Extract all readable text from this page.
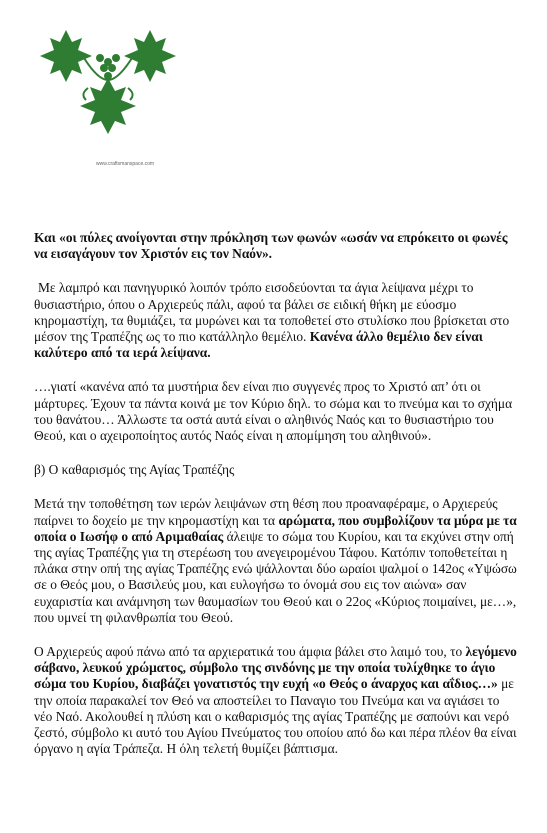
www.craftsmanspace.com

Και «οι πύλες ανοίγονται στην πρόκληση των φωνών «ωσάν να επρόκειτο οι φωνές να εισαγάγουν τον Χριστόν εις τον Ναόν».

Με λαμπρό και πανηγυρικό λοιπόν τρόπο εισοδεύονται τα άγια λείψανα μέχρι το θυσιαστήριο, όπου ο Αρχιερεύς πάλι, αφού τα βάλει σε ειδική θήκη με εύοσμο κηρομαστίχη, τα θυμιάζει, τα μυρώνει και τα τοποθετεί στο στυλίσκο που βρίσκεται στο μέσον της Τραπέζης ως το πιο κατάλληλο θεμέλιο. Κανένα άλλο θεμέλιο δεν είναι καλύτερο από τα ιερά λείψανα.

….γιατί «κανένα από τα μυστήρια δεν είναι πιο συγγενές προς το Χριστό απ’ ότι οι μάρτυρες. Έχουν τα πάντα κοινά με τον Κύριο δηλ. το σώμα και το πνεύμα και το σχήμα του θανάτου… Άλλωστε τα οστά αυτά είναι ο αληθινός Ναός και το θυσιαστήριο του Θεού, και ο αχειροποίητος αυτός Ναός είναι η απομίμηση του αληθινού».

β) Ο καθαρισμός της Αγίας Τραπέζης

Μετά την τοποθέτηση των ιερών λειψάνων στη θέση που προαναφέραμε, ο Αρχιερεύς παίρνει το δοχείο με την κηρομαστίχη και τα αρώματα, που συμβολίζουν τα μύρα με τα οποία ο Ιωσήφ ο από Αριμαθαίας άλειψε το σώμα του Κυρίου, και τα εκχύνει στην οπή της αγίας Τραπέζης για τη στερέωση του ανεγειρομένου Τάφου. Κατόπιν τοποθετείται η πλάκα στην οπή της αγίας Τραπέζης ενώ ψάλλονται δύο ωραίοι ψαλμοί ο 142ος «Υψώσω σε ο Θεός μου, ο Βασιλεύς μου, και ευλογήσω το όνομά σου εις τον αιώνα» σαν ευχαριστία και ανάμνηση των θαυμασίων του Θεού και ο 22ος «Κύριος ποιμαίνει, με…», που υμνεί τη φιλανθρωπία του Θεού.

Ο Αρχιερεύς αφού πάνω από τα αρχιερατικά του άμφια βάλει στο λαιμό του, το λεγόμενο σάβανο, λευκού χρώματος, σύμβολο της σινδόνης με την οποία τυλίχθηκε το άγιο σώμα του Κυρίου, διαβάζει γονατιστός την ευχή «ο Θεός ο άναρχος και αΐδιος…» με την οποία παρακαλεί τον Θεό να αποστείλει το Παναγιο του Πνεύμα και να αγιάσει το νέο Ναό. Ακολουθεί η πλύση και ο καθαρισμός της αγίας Τραπέζης με σαπούνι και νερό ζεστό, σύμβολο κι αυτό του Αγίου Πνεύματος του οποίου από δω και πέρα πλέον θα είναι όργανο η αγία Τράπεζα. Η όλη τελετή θυμίζει βάπτισμα.
